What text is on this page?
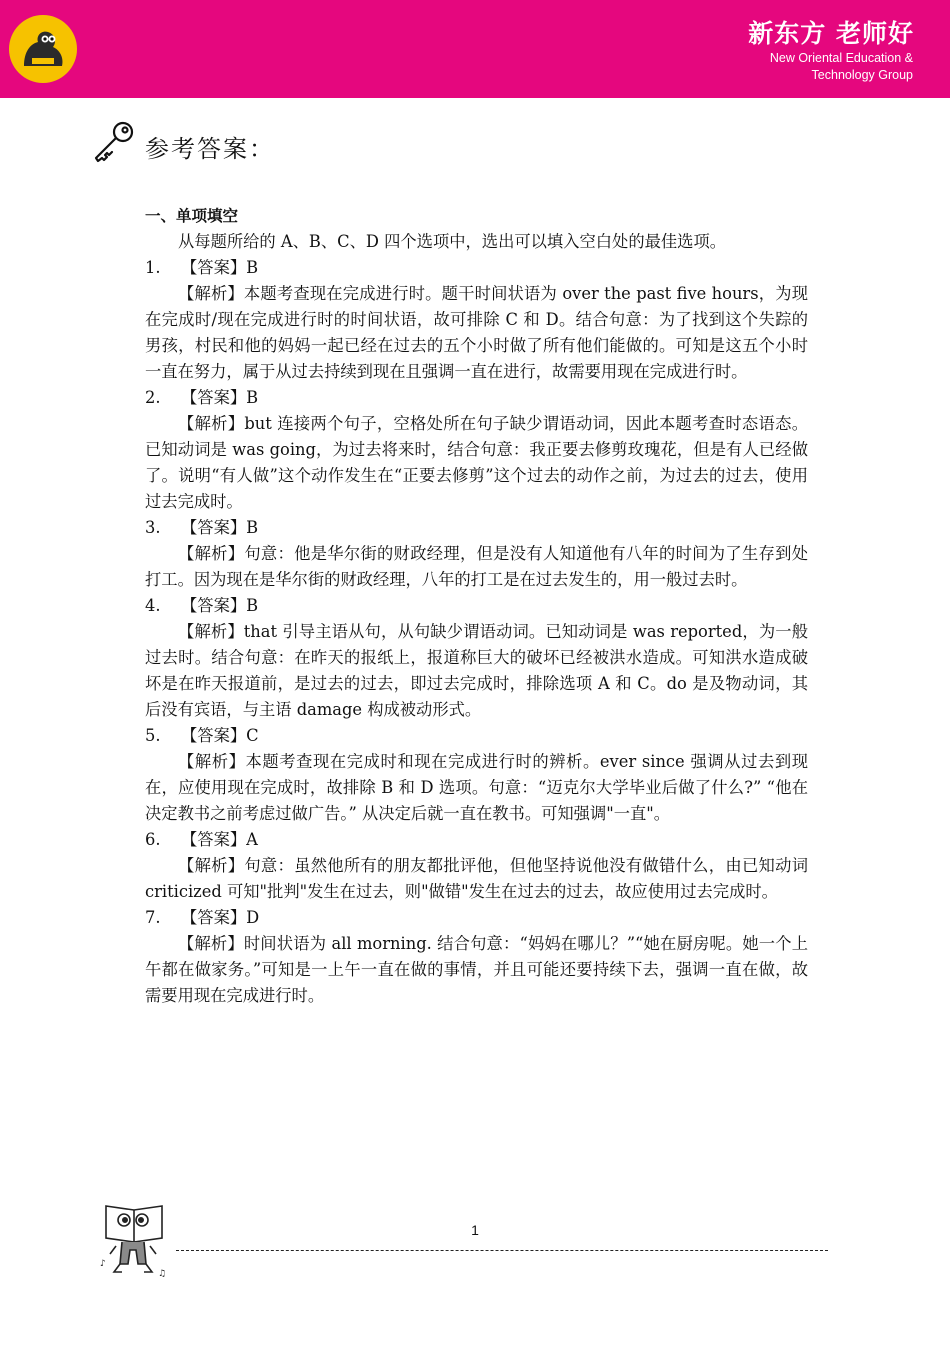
新东方 老师好
New Oriental Education &
Technology Group
参考答案：

一、单项填空

从每题所给的 A、B、C、D 四个选项中，选出可以填入空白处的最佳选项。

1. 【答案】B

【解析】本题考查现在完成进行时。题干时间状语为 over the past five hours，为现在完成时/现在完成进行时的时间状语，故可排除 C 和 D。结合句意：为了找到这个失踪的男孩，村民和他的妈妈一起已经在过去的五个小时做了所有他们能做的。可知是这五个小时一直在努力，属于从过去持续到现在且强调一直在进行，故需要用现在完成进行时。

2. 【答案】B

【解析】but 连接两个句子，空格处所在句子缺少谓语动词，因此本题考查时态语态。已知动词是 was going，为过去将来时，结合句意：我正要去修剪玫瑰花，但是有人已经做了。说明“有人做”这个动作发生在“正要去修剪”这个过去的动作之前，为过去的过去，使用过去完成时。

3. 【答案】B

【解析】句意：他是华尔街的财政经理，但是没有人知道他有八年的时间为了生存到处打工。因为现在是华尔街的财政经理，八年的打工是在过去发生的，用一般过去时。

4. 【答案】B

【解析】that 引导主语从句，从句缺少谓语动词。已知动词是 was reported，为一般过去时。结合句意：在昨天的报纸上，报道称巨大的破坏已经被洪水造成。可知洪水造成破坏是在昨天报道前，是过去的过去，即过去完成时，排除选项 A 和 C。do 是及物动词，其后没有宾语，与主语 damage 构成被动形式。

5. 【答案】C

【解析】本题考查现在完成时和现在完成进行时的辨析。ever since 强调从过去到现在，应使用现在完成时，故排除 B 和 D 选项。句意：“迈克尔大学毕业后做了什么?” “他在决定教书之前考虑过做广告。” 从决定后就一直在教书。可知强调"一直"。

6. 【答案】A

【解析】句意：虽然他所有的朋友都批评他，但他坚持说他没有做错什么，由已知动词 criticized 可知"批判"发生在过去，则"做错"发生在过去的过去，故应使用过去完成时。

7. 【答案】D

【解析】时间状语为 all morning. 结合句意：“妈妈在哪儿？”“她在厨房呢。她一个上午都在做家务。”可知是一上午一直在做的事情，并且可能还要持续下去，强调一直在做，故需要用现在完成进行时。

♪
♫
1
